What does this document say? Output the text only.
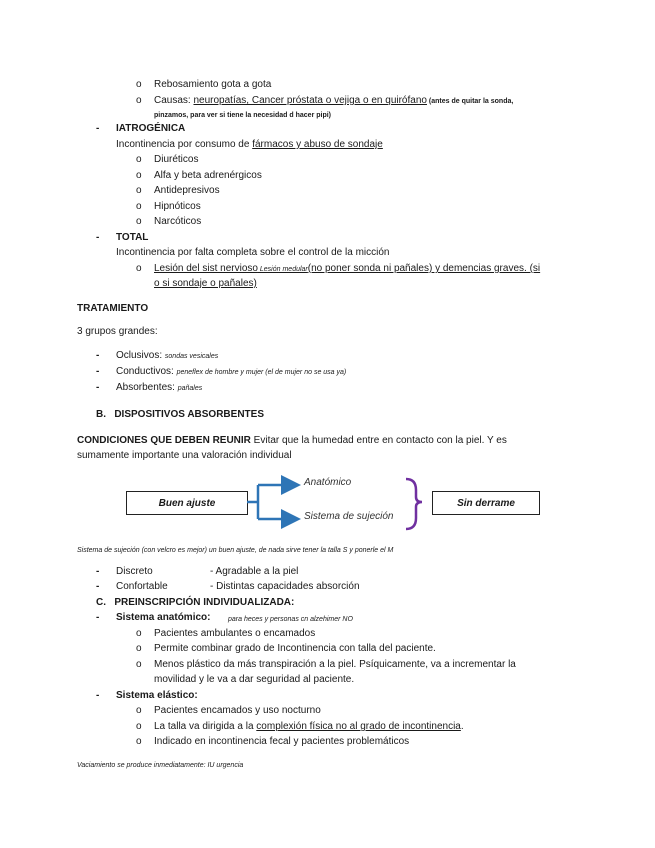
o Rebosamiento gota a gota
o Causas: neuropatías, Cancer próstata o vejiga o en quirófano (antes de quitar la sonda,
pinzamos, para ver si tiene la necesidad d hacer pipi)
- IATROGÉNICA
Incontinencia por consumo de fármacos y abuso de sondaje
o Diuréticos
o Alfa y beta adrenérgicos
o Antidepresivos
o Hipnóticos
o Narcóticos
- TOTAL
Incontinencia por falta completa sobre el control de la micción
o Lesión del sist nervioso Lesión medular(no poner sonda ni pañales) y demencias graves. (si
o si sondaje o pañales)
TRATAMIENTO
3 grupos grandes:
- Oclusivos: sondas vesicales
- Conductivos: peneflex de hombre y mujer (el de mujer no se usa ya)
- Absorbentes: pañales
B.   DISPOSITIVOS ABSORBENTES
CONDICIONES QUE DEBEN REUNIR Evitar que la humedad entre en contacto con la piel. Y es
sumamente importante una valoración individual
Buen ajuste
Anatómico
Sistema de sujeción
Sin derrame
Sistema de sujeción (con velcro es mejor) un buen ajuste, de nada sirve tener la talla S y ponerle el M
- Discreto	- Agradable a la piel
- Confortable	- Distintas capacidades absorción
C.   PREINSCRIPCIÓN INDIVIDUALIZADA:
- Sistema anatómico:	para heces y personas cn alzehimer NO
o Pacientes ambulantes o encamados
o Permite combinar grado de Incontinencia con talla del paciente.
o Menos plástico da más transpiración a la piel. Psíquicamente, va a incrementar la
movilidad y le va a dar seguridad al paciente.
- Sistema elástico:
o Pacientes encamados y uso nocturno
o La talla va dirigida a la complexión física no al grado de incontinencia.
o Indicado en incontinencia fecal y pacientes problemáticos
Vaciamiento se produce inmediatamente: IU urgencia
